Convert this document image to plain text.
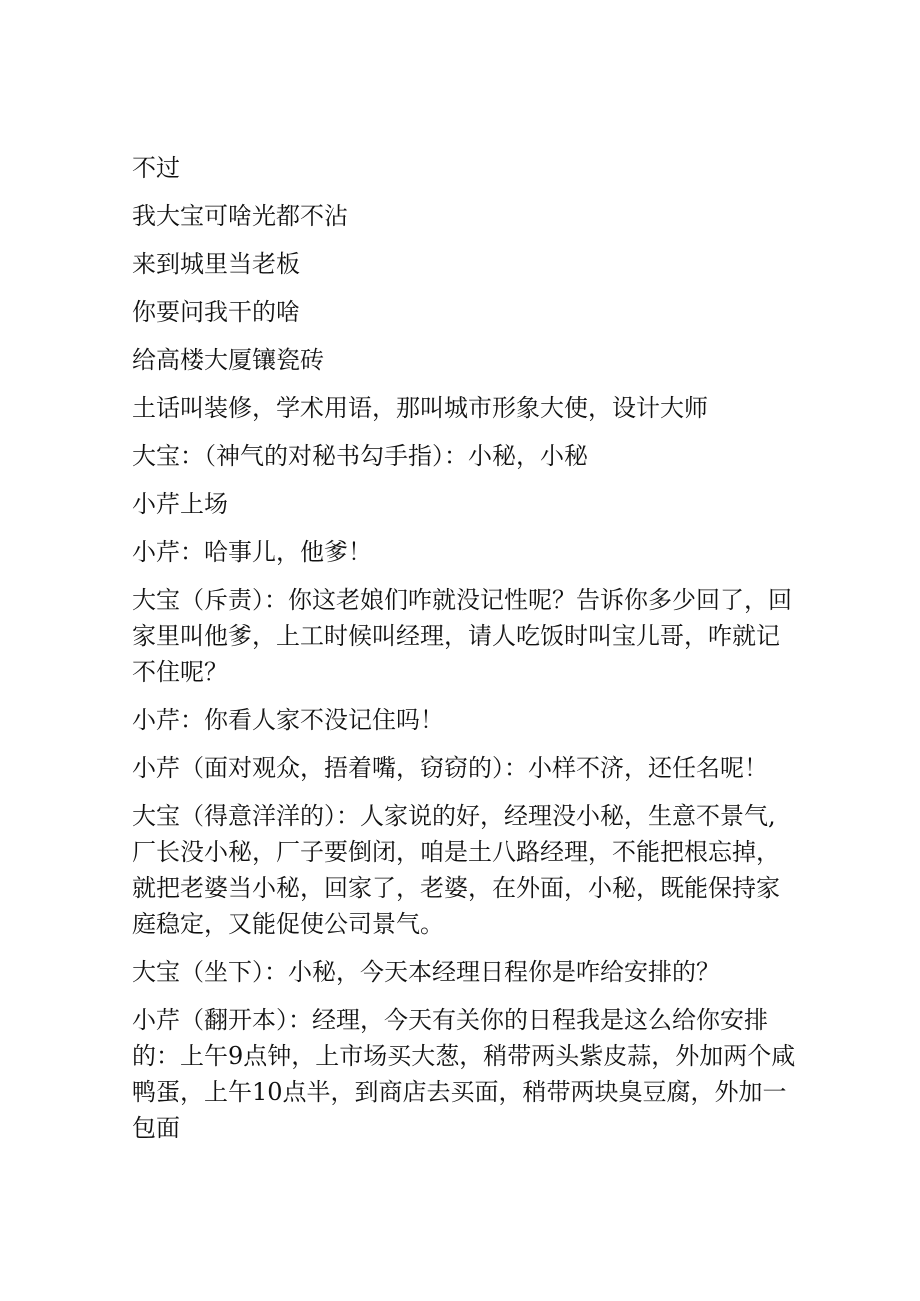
不过

我大宝可啥光都不沾

来到城里当老板

你要问我干的啥

给高楼大厦镶瓷砖

土话叫装修，学术用语，那叫城市形象大使，设计大师

大宝：（神气的对秘书勾手指）：小秘，小秘

小芹上场

小芹：哈事儿，他爹！

大宝（斥责）：你这老娘们咋就没记性呢？告诉你多少回了，回家里叫他爹，上工时候叫经理，请人吃饭时叫宝儿哥，咋就记不住呢？

小芹：你看人家不没记住吗！

小芹（面对观众，捂着嘴，窃窃的）：小样不济，还任名呢！

大宝（得意洋洋的）：人家说的好，经理没小秘，生意不景气,厂长没小秘，厂子要倒闭，咱是土八路经理，不能把根忘掉，就把老婆当小秘，回家了，老婆，在外面，小秘，既能保持家庭稳定，又能促使公司景气。

大宝（坐下）：小秘，今天本经理日程你是咋给安排的？

小芹（翻开本）：经理，今天有关你的日程我是这么给你安排的：上午9点钟，上市场买大葱，稍带两头紫皮蒜，外加两个咸鸭蛋，上午10点半，到商店去买面，稍带两块臭豆腐，外加一包面
